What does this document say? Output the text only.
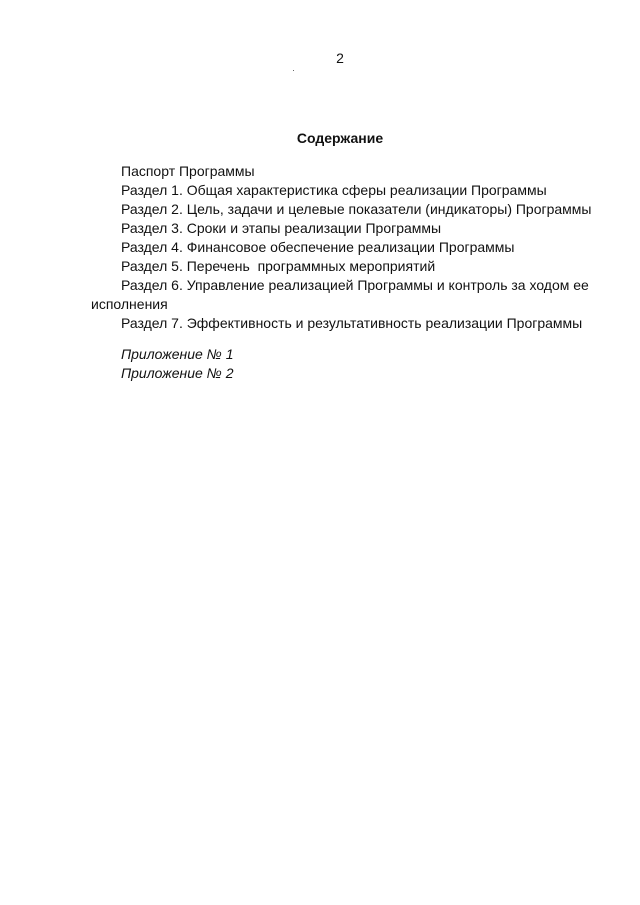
2
Содержание

Паспорт Программы

Раздел 1. Общая характеристика сферы реализации Программы

Раздел 2. Цель, задачи и целевые показатели (индикаторы) Программы

Раздел 3. Сроки и этапы реализации Программы

Раздел 4. Финансовое обеспечение реализации Программы

Раздел 5. Перечень  программных мероприятий

Раздел 6. Управление реализацией Программы и контроль за ходом ее исполнения

Раздел 7. Эффективность и результативность реализации Программы

Приложение № 1

Приложение № 2
